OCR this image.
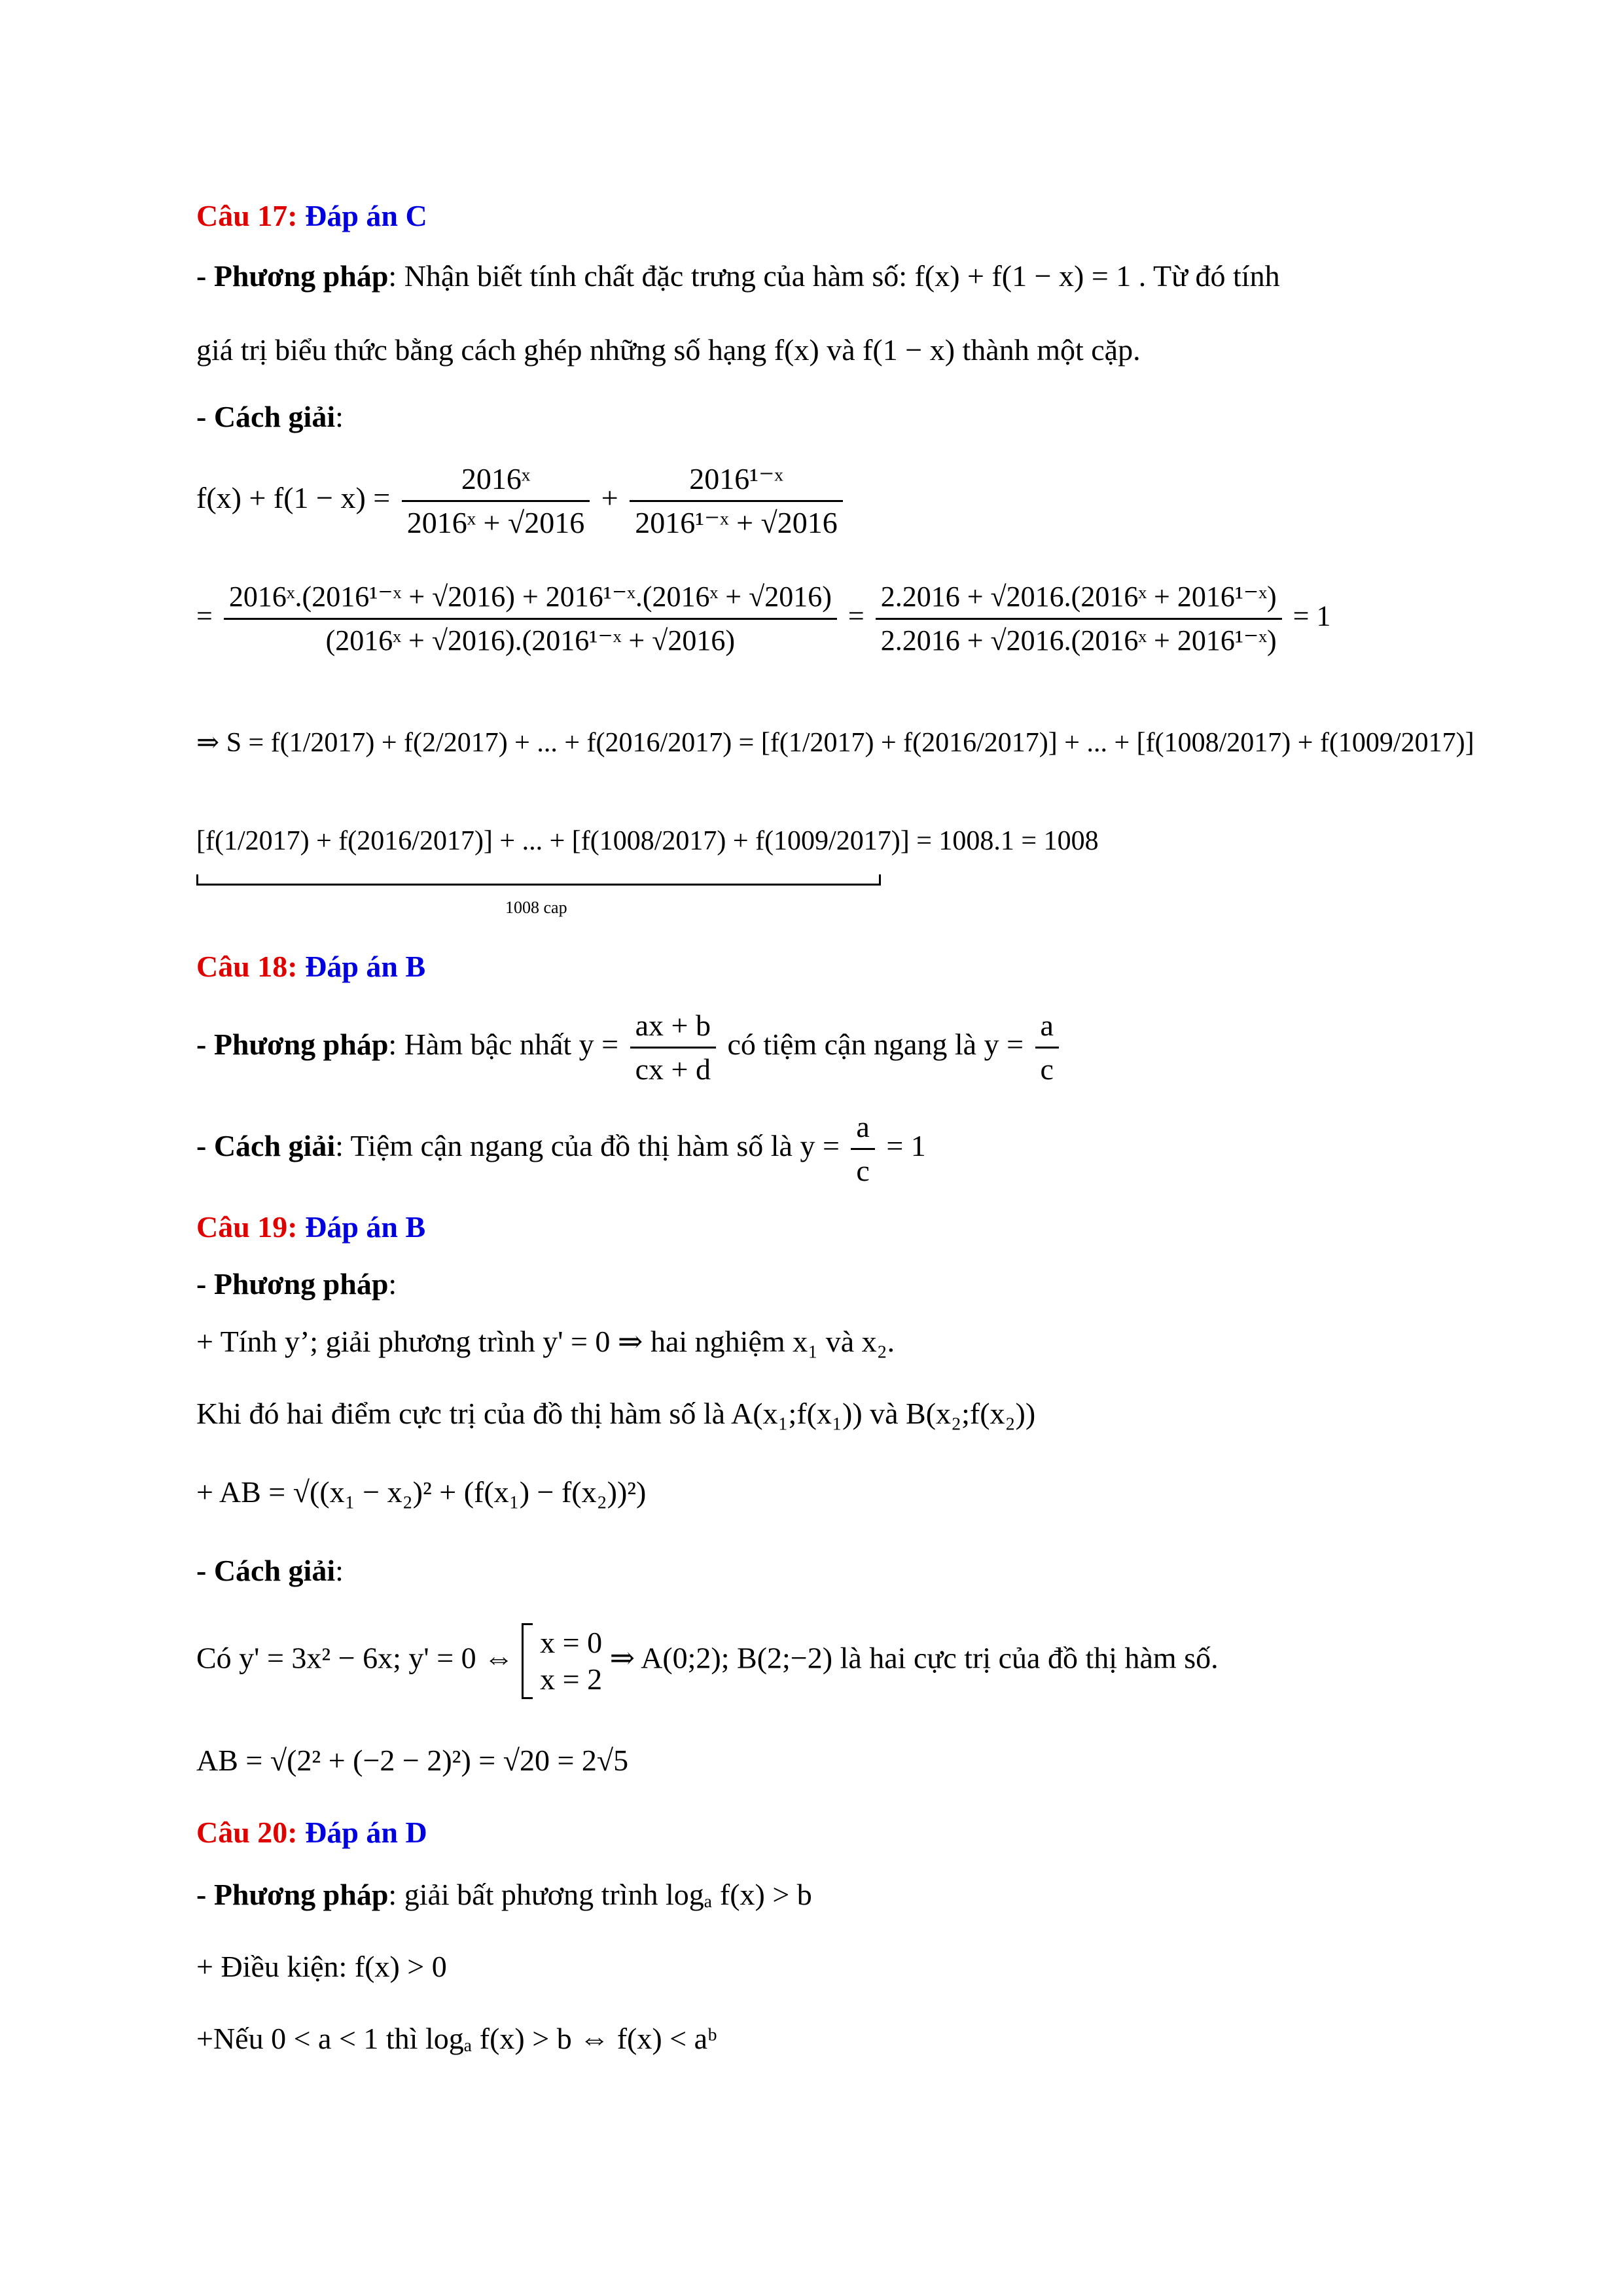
Câu 17: Đáp án C
- Phương pháp: Nhận biết tính chất đặc trưng của hàm số: f(x) + f(1 − x) = 1 . Từ đó tính
giá trị biểu thức bằng cách ghép những số hạng f(x) và f(1 − x) thành một cặp.
- Cách giải:
$f(x) + f(1 - x) = \frac{\text{2016ˣ}}{\text{2016ˣ + √2016}} + \frac{\text{2016¹⁻ˣ}}{\text{2016¹⁻ˣ + √2016}}$
= $\frac{\text{2016ˣ.(2016¹⁻ˣ + √2016) + 2016¹⁻ˣ.(2016ˣ + √2016)}}{\text{(2016ˣ + √2016).(2016¹⁻ˣ + √2016)}} = \frac{\text{2.2016 + √2016.(2016ˣ + 2016¹⁻ˣ)}}{\text{2.2016 + √2016.(2016ˣ + 2016¹⁻ˣ)}} = 1$
⇒ S = f(1/2017) + f(2/2017) + ... + f(2016/2017) = [f(1/2017) + f(2016/2017)] + ... + [f(1008/2017) + f(1009/2017)]
[f(1/2017) + f(2016/2017)] + ... + [f(1008/2017) + f(1009/2017)] = 1008.1 = 1008
1008 cap
Câu 18: Đáp án B
- Phương pháp: Hàm bậc nhất $y = \frac{ax + b}{cx + d}$ có tiệm cận ngang là $y = \frac{a}{c}$
- Cách giải: Tiệm cận ngang của đồ thị hàm số là $y = \frac{a}{c} = 1$
Câu 19: Đáp án B
- Phương pháp:
+ Tính y’; giải phương trình y' = 0 ⇒ hai nghiệm x₁ và x₂.
Khi đó hai điểm cực trị của đồ thị hàm số là A(x₁;f(x₁)) và B(x₂;f(x₂))
+ AB = √((x₁ − x₂)² + (f(x₁) − f(x₂))²)
- Cách giải:
Có y' = 3x² − 6x; y' = 0 ⇔ x = 0
x = 2
⇒ A(0;2); B(2;−2) là hai cực trị của đồ thị hàm số.
AB = √(2² + (−2 − 2)²) = √20 = 2√5
Câu 20: Đáp án D
- Phương pháp: giải bất phương trình logₐ f(x) > b
+ Điều kiện: f(x) > 0
+Nếu 0 < a < 1 thì logₐ f(x) > b ⇔ f(x) < aᵇ
